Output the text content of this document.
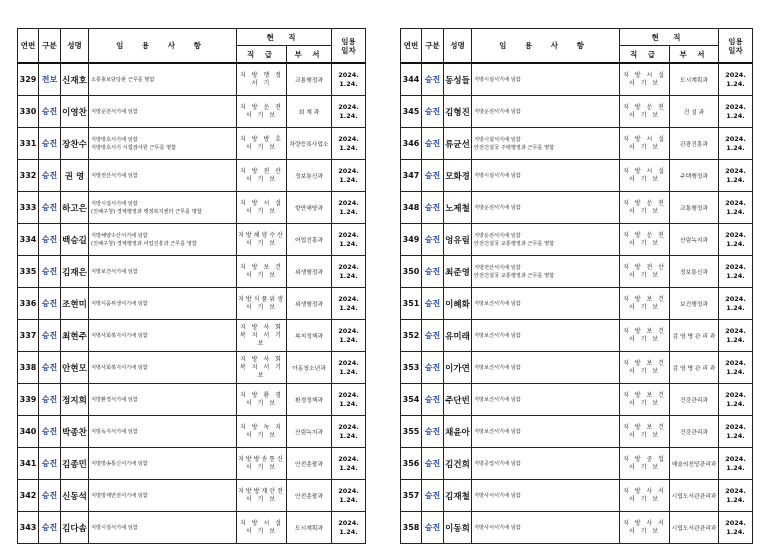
연번	구분	성명	임 용 사 항	현 직		임용
일자

				직 급	부 서	
329	전보	신재호	소통홍보담당관 근무를 명함	지 방 행 정
서 기	교통행정과	2024.
1.24.

330	승진	이영찬	지방운전서기에 임함	지 방 운 전
서 기 보	회 계 과	2024.
1.24.

331	승진	장찬수	지방방호서기에 임함
지방방호서기 시험검사원 근무를 명함	지 방 방 호
서 기 보	차량등록사업소	2024.
1.24.

332	승진	권 영	지방전산서기에 임함	지 방 전 산
서 기 보	정보통신과	2024.
1.24.

333	승진	하고은	지방시설서기에 임함
(진해구청) 경제행정과 행정복지센터 근무를 명함	지 방 시 설
서 기 보	항만해양과	2024.
1.24.

334	승진	백승길	지방해양수산서기에 임함
(진해구청) 경제행정과 어업진흥과 근무를 명함	지방해양수산
서 기 보	어업진흥과	2024.
1.24.

335	승진	김재은	지방보건서기에 임함	지 방 보 건
서 기 보	위생행정과	2024.
1.24.

336	승진	조현미	지방식품위생서기에 임함	지방식품위생
서 기 보	위생행정과	2024.
1.24.

337	승진	최현주	지방사회복지서기에 임함	지 방 사 회
복 지 서 기 보	복지정책과	2024.
1.24.

338	승진	안현모	지방사회복지서기에 임함	지 방 사 회
복 지 서 기 보	아동청소년과	2024.
1.24.

339	승진	정지희	지방환경서기에 임함	지 방 환 경
서 기 보	환경정책과	2024.
1.24.

340	승진	박종찬	지방녹지서기에 임함	지 방 녹 지
서 기 보	산림녹지과	2024.
1.24.

341	승진	김종민	지방방송통신서기에 임함	지방방송통신
서 기 보	안전총괄과	2024.
1.24.

342	승진	신동석	지방방재안전서기에 임함	지방방재안전
서 기 보	안전총괄과	2024.
1.24.

343	승진	김다솜	지방시설서기에 임함	지 방 시 설
서 기 보	도시계획과	2024.
1.24.
연번	구분	성명	임 용 사 항	현 직		임용
일자

				직 급	부 서	
344	승진	동성들	지방시설서기에 임함	지 방 시 설
서 기 보	도시계획과	2024.
1.24.

345	승진	김형진	지방운전서기에 임함	지 방 운 전
서 기 보	건 설 과	2024.
1.24.

346	승진	류균선	지방시설서기에 임함
안전건설국 주택행정과 근무를 명함	지 방 시 설
서 기 보	관광진흥과	2024.
1.24.

347	승진	모화경	지방시설서기에 임함	지 방 시 설
서 기 보	주택행정과	2024.
1.24.

348	승진	노제철	지방운전서기에 임함	지 방 운 전
서 기 보	교통행정과	2024.
1.24.

349	승진	엉유림	지방운전서기에 임함
안전건설국 교통행정과 근무를 명함	지 방 운 전
서 기 보	산림녹지과	2024.
1.24.

350	승진	최준영	지방전산서기에 임함
안전건설국 교통행정과 근무를 명함	지 방 전 산
서 기 보	정보통신과	2024.
1.24.

351	승진	이혜화	지방보건서기에 임함	지 방 보 건
서 기 보	보건행정과	2024.
1.24.

352	승진	유미래	지방보건서기에 임함	지 방 보 건
서 기 보	감 염 병 관 리 과	2024.
1.24.

353	승진	이가연	지방보건서기에 임함	지 방 보 건
서 기 보	감 염 병 관 리 과	2024.
1.24.

354	승진	주단빈	지방보건서기에 임함	지 방 보 건
서 기 보	건강관리과	2024.
1.24.

355	승진	채윤아	지방보건서기에 임함	지 방 보 건
서 기 보	건강관리과	2024.
1.24.

356	승진	김건희	지방공업서기에 임함	지 방 공 업
서 기 보	예술의전당관리과	2024.
1.24.

357	승진	김재철	지방사서서기에 임함	지 방 사 서
서 기 보	시립도서관관리과	2024.
1.24.

358	승진	이동희	지방사서서기에 임함	지 방 사 서
서 기 보	시립도서관관리과	2024.
1.24.
